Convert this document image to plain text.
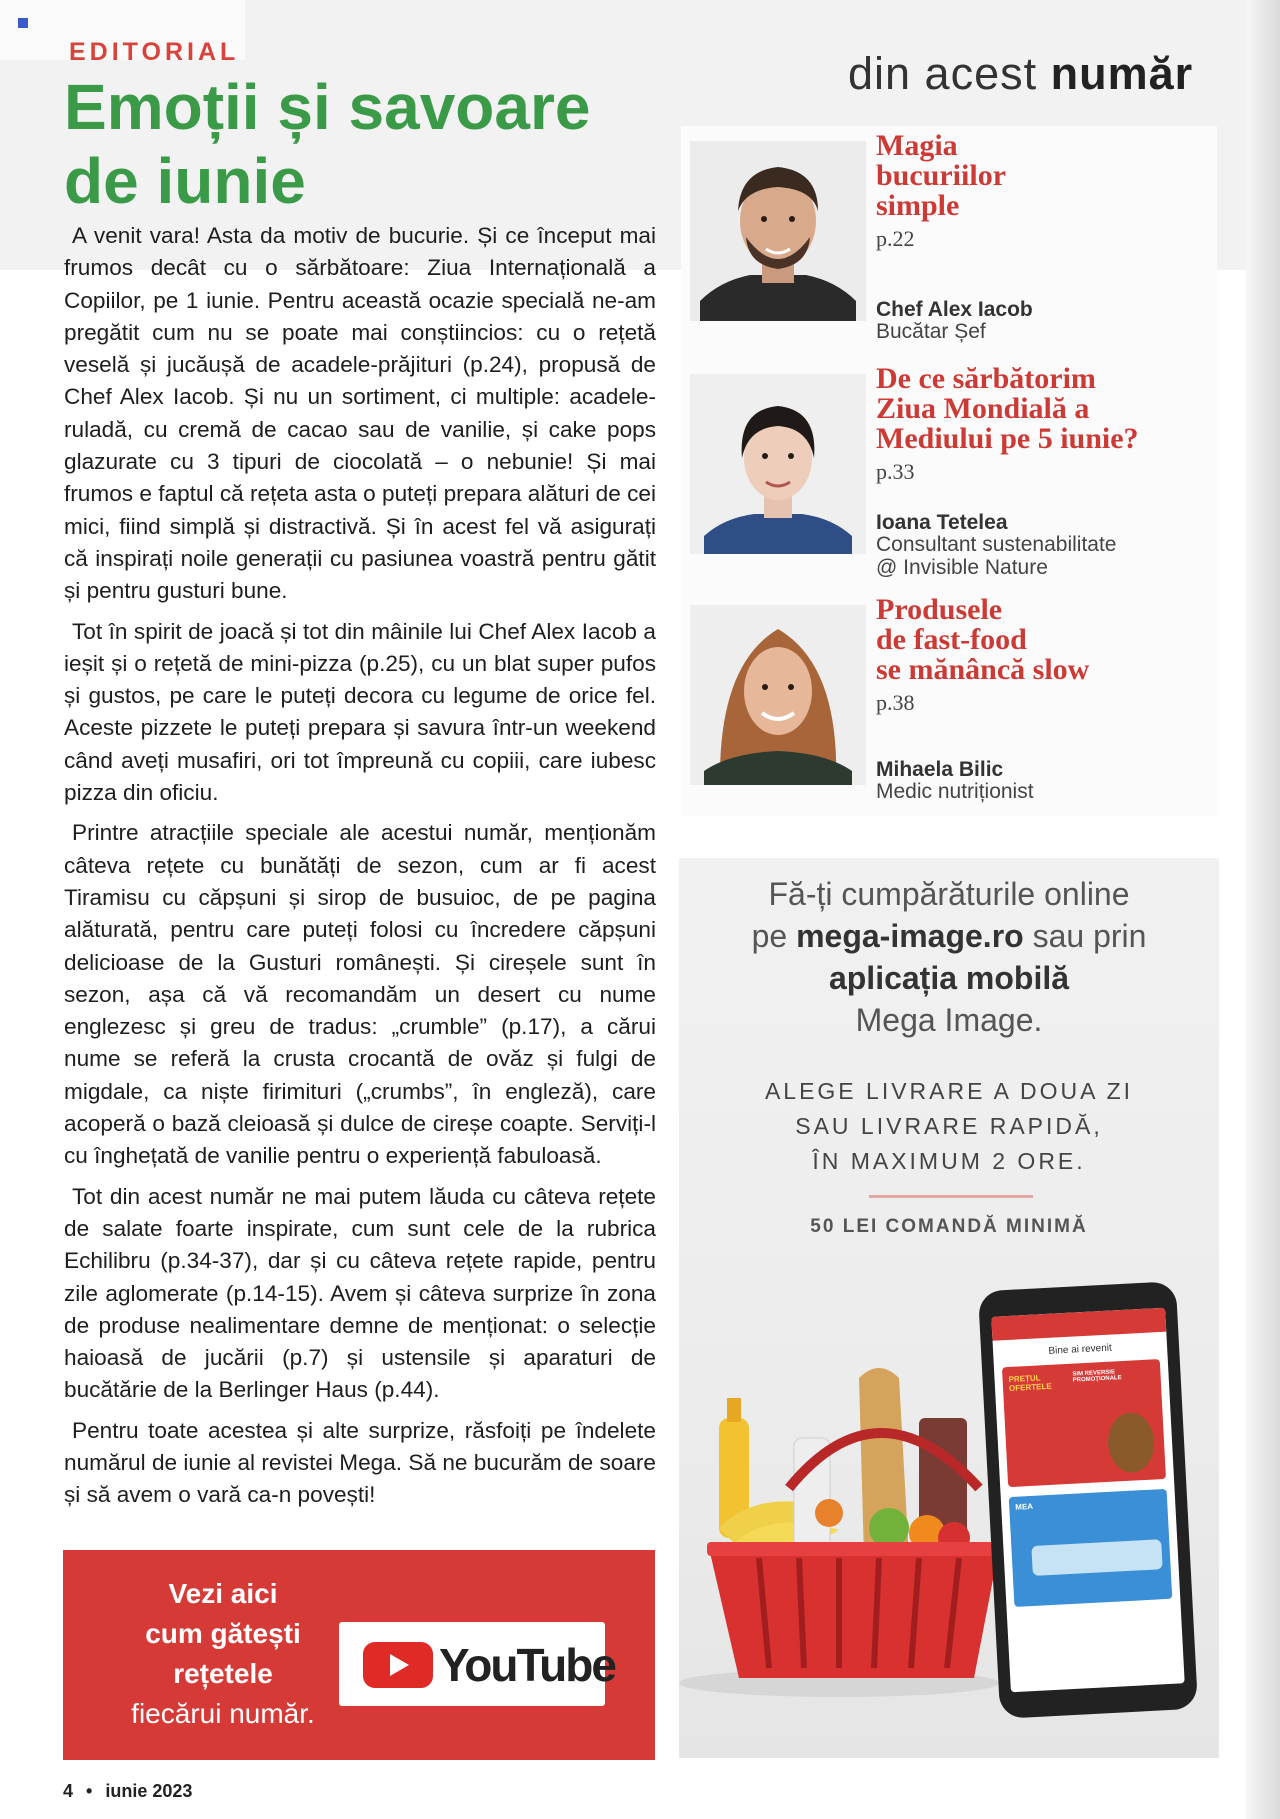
EDITORIAL
Emoții și savoare de iunie

A venit vara! Asta da motiv de bucurie. Și ce început mai frumos decât cu o sărbătoare: Ziua Internațională a Copiilor, pe 1 iunie. Pentru această ocazie specială ne-am pregătit cum nu se poate mai conștiincios: cu o rețetă veselă și jucăușă de acadele-prăjituri (p.24), propusă de Chef Alex Iacob. Și nu un sortiment, ci multiple: acadele-ruladă, cu cremă de cacao sau de vanilie, și cake pops glazurate cu 3 tipuri de ciocolată – o nebunie! Și mai frumos e faptul că rețeta asta o puteți prepara alături de cei mici, fiind simplă și distractivă. Și în acest fel vă asigurați că inspirați noile generații cu pasiunea voastră pentru gătit și pentru gusturi bune.

Tot în spirit de joacă și tot din mâinile lui Chef Alex Iacob a ieșit și o rețetă de mini-pizza (p.25), cu un blat super pufos și gustos, pe care le puteți decora cu legume de orice fel. Aceste pizzete le puteți prepara și savura într-un weekend când aveți musafiri, ori tot împreună cu copiii, care iubesc pizza din oficiu.

Printre atracțiile speciale ale acestui număr, menționăm câteva rețete cu bunătăți de sezon, cum ar fi acest Tiramisu cu căpșuni și sirop de busuioc, de pe pagina alăturată, pentru care puteți folosi cu încredere căpșuni delicioase de la Gusturi românești. Și cireșele sunt în sezon, așa că vă recomandăm un desert cu nume englezesc și greu de tradus: „crumble” (p.17), a cărui nume se referă la crusta crocantă de ovăz și fulgi de migdale, ca niște firimituri („crumbs”, în engleză), care acoperă o bază cleioasă și dulce de cireșe coapte. Serviți-l cu înghețată de vanilie pentru o experiență fabuloasă.

Tot din acest număr ne mai putem lăuda cu câteva rețete de salate foarte inspirate, cum sunt cele de la rubrica Echilibru (p.34-37), dar și cu câteva rețete rapide, pentru zile aglomerate (p.14-15). Avem și câteva surprize în zona de produse nealimentare demne de menționat: o selecție haioasă de jucării (p.7) și ustensile și aparaturi de bucătărie de la Berlinger Haus (p.44).

Pentru toate acestea și alte surprize, răsfoiți pe îndelete numărul de iunie al revistei Mega. Să ne bucurăm de soare și să avem o vară ca-n povești!

Vezi aici
cum gătești
rețetele
fiecărui număr.
YouTube
4 • iunie 2023
din acest număr
Magia
bucuriilor
simple
p.22
Chef Alex Iacob
Bucătar Șef
De ce sărbătorim
Ziua Mondială a
Mediului pe 5 iunie?
p.33
Ioana Tetelea
Consultant sustenabilitate
@ Invisible Nature
Produsele
de fast-food
se mănâncă slow
p.38
Mihaela Bilic
Medic nutriționist
Fă-ți cumpărăturile online
pe mega-image.ro sau prin
aplicația mobilă
Mega Image.
ALEGE LIVRARE A DOUA ZI
SAU LIVRARE RAPIDĂ,
ÎN MAXIMUM 2 ORE.
50 LEI COMANDĂ MINIMĂ
Bine ai revenit
PREȚUL OFERTELE
SIM REVERSIE PROMOȚIONALE
MEA
